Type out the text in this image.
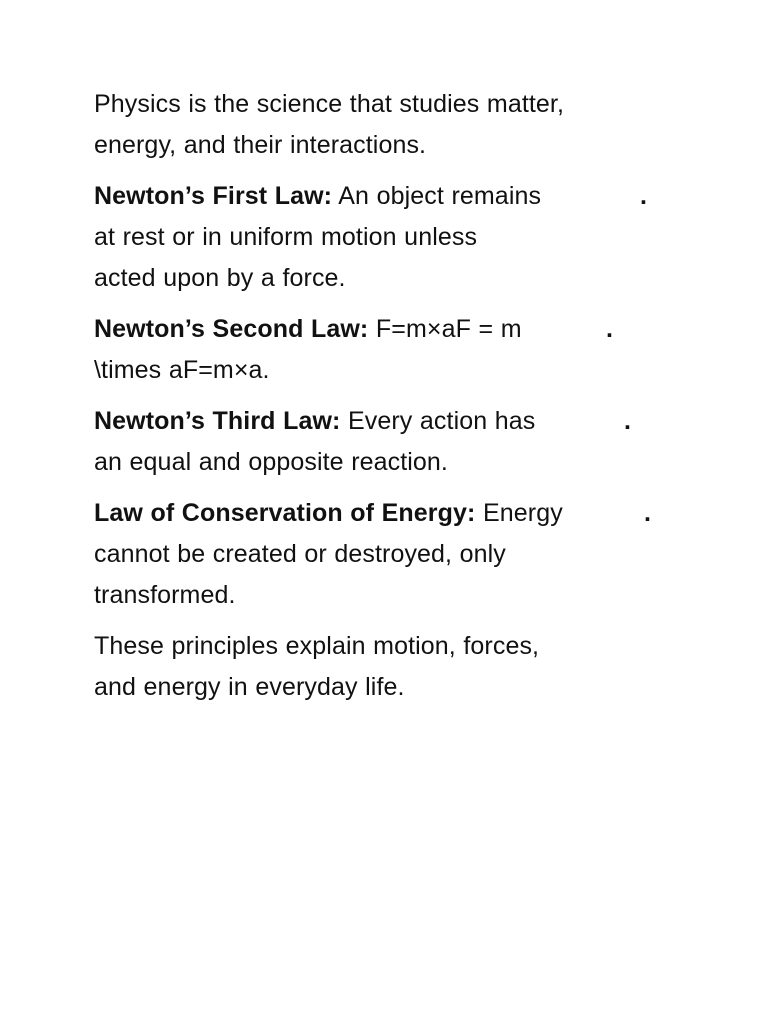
Physics is the science that studies matter,
energy, and their interactions.

Newton’s First Law: An object remains
at rest or in uniform motion unless
acted upon by a force.
.

Newton’s Second Law: F=m×aF = m
\times aF=m×a.
.

Newton’s Third Law: Every action has
an equal and opposite reaction.
.

Law of Conservation of Energy: Energy
cannot be created or destroyed, only
transformed.
.

These principles explain motion, forces,
and energy in everyday life.
